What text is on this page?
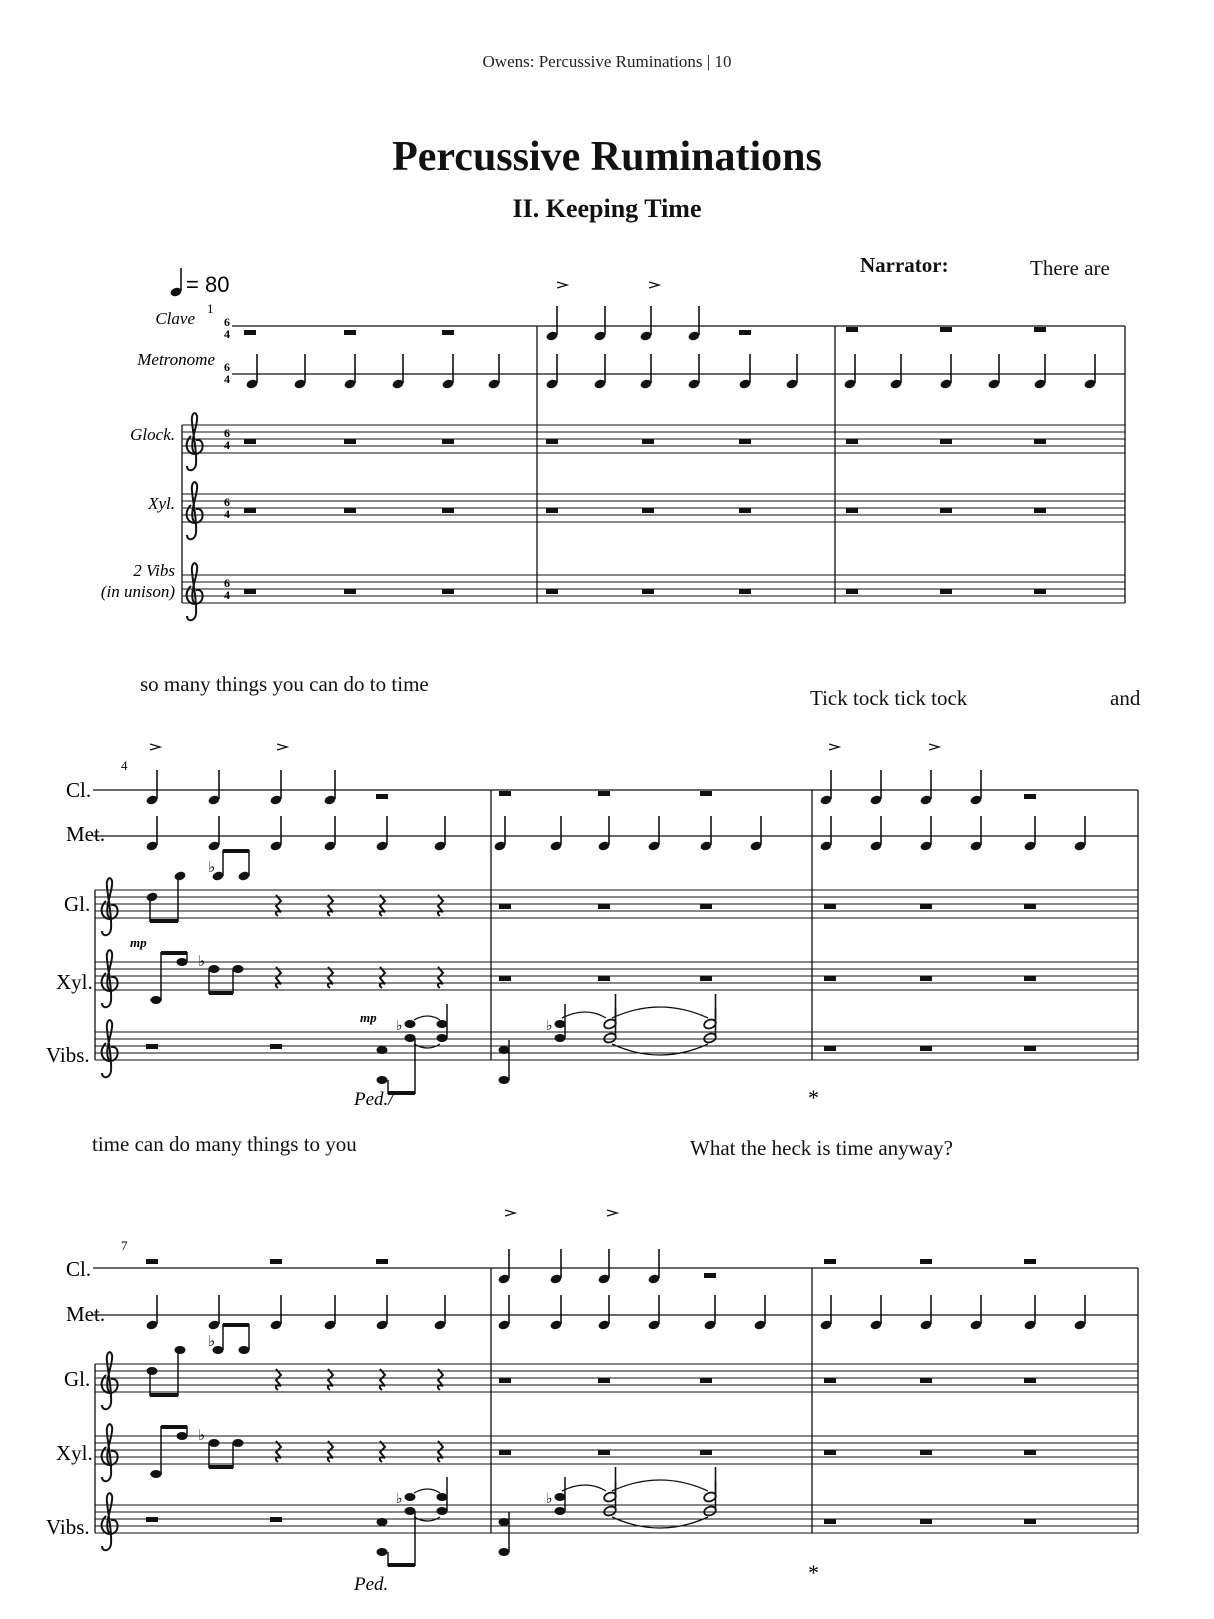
Owens: Percussive Ruminations | 10
Percussive Ruminations
II. Keeping Time
Narrator:	There are
so many things you can do to time
Tick tock tick tock	and
time can do many things to you	What the heck is time anyway?
= 80
1
Clave
Metronome
Glock.
Xyl.
2 Vibs
(in unison)
6
4
6
4
6
4
6
4
6
4
4
Cl.
Met.
Gl.
Xyl.
Vibs.
♭
mp
♭
mp
♭
Ped./
♭
*
7
Cl.
Met.
Gl.
Xyl.
Vibs.
♭
♭
♭
Ped.
♭
*
